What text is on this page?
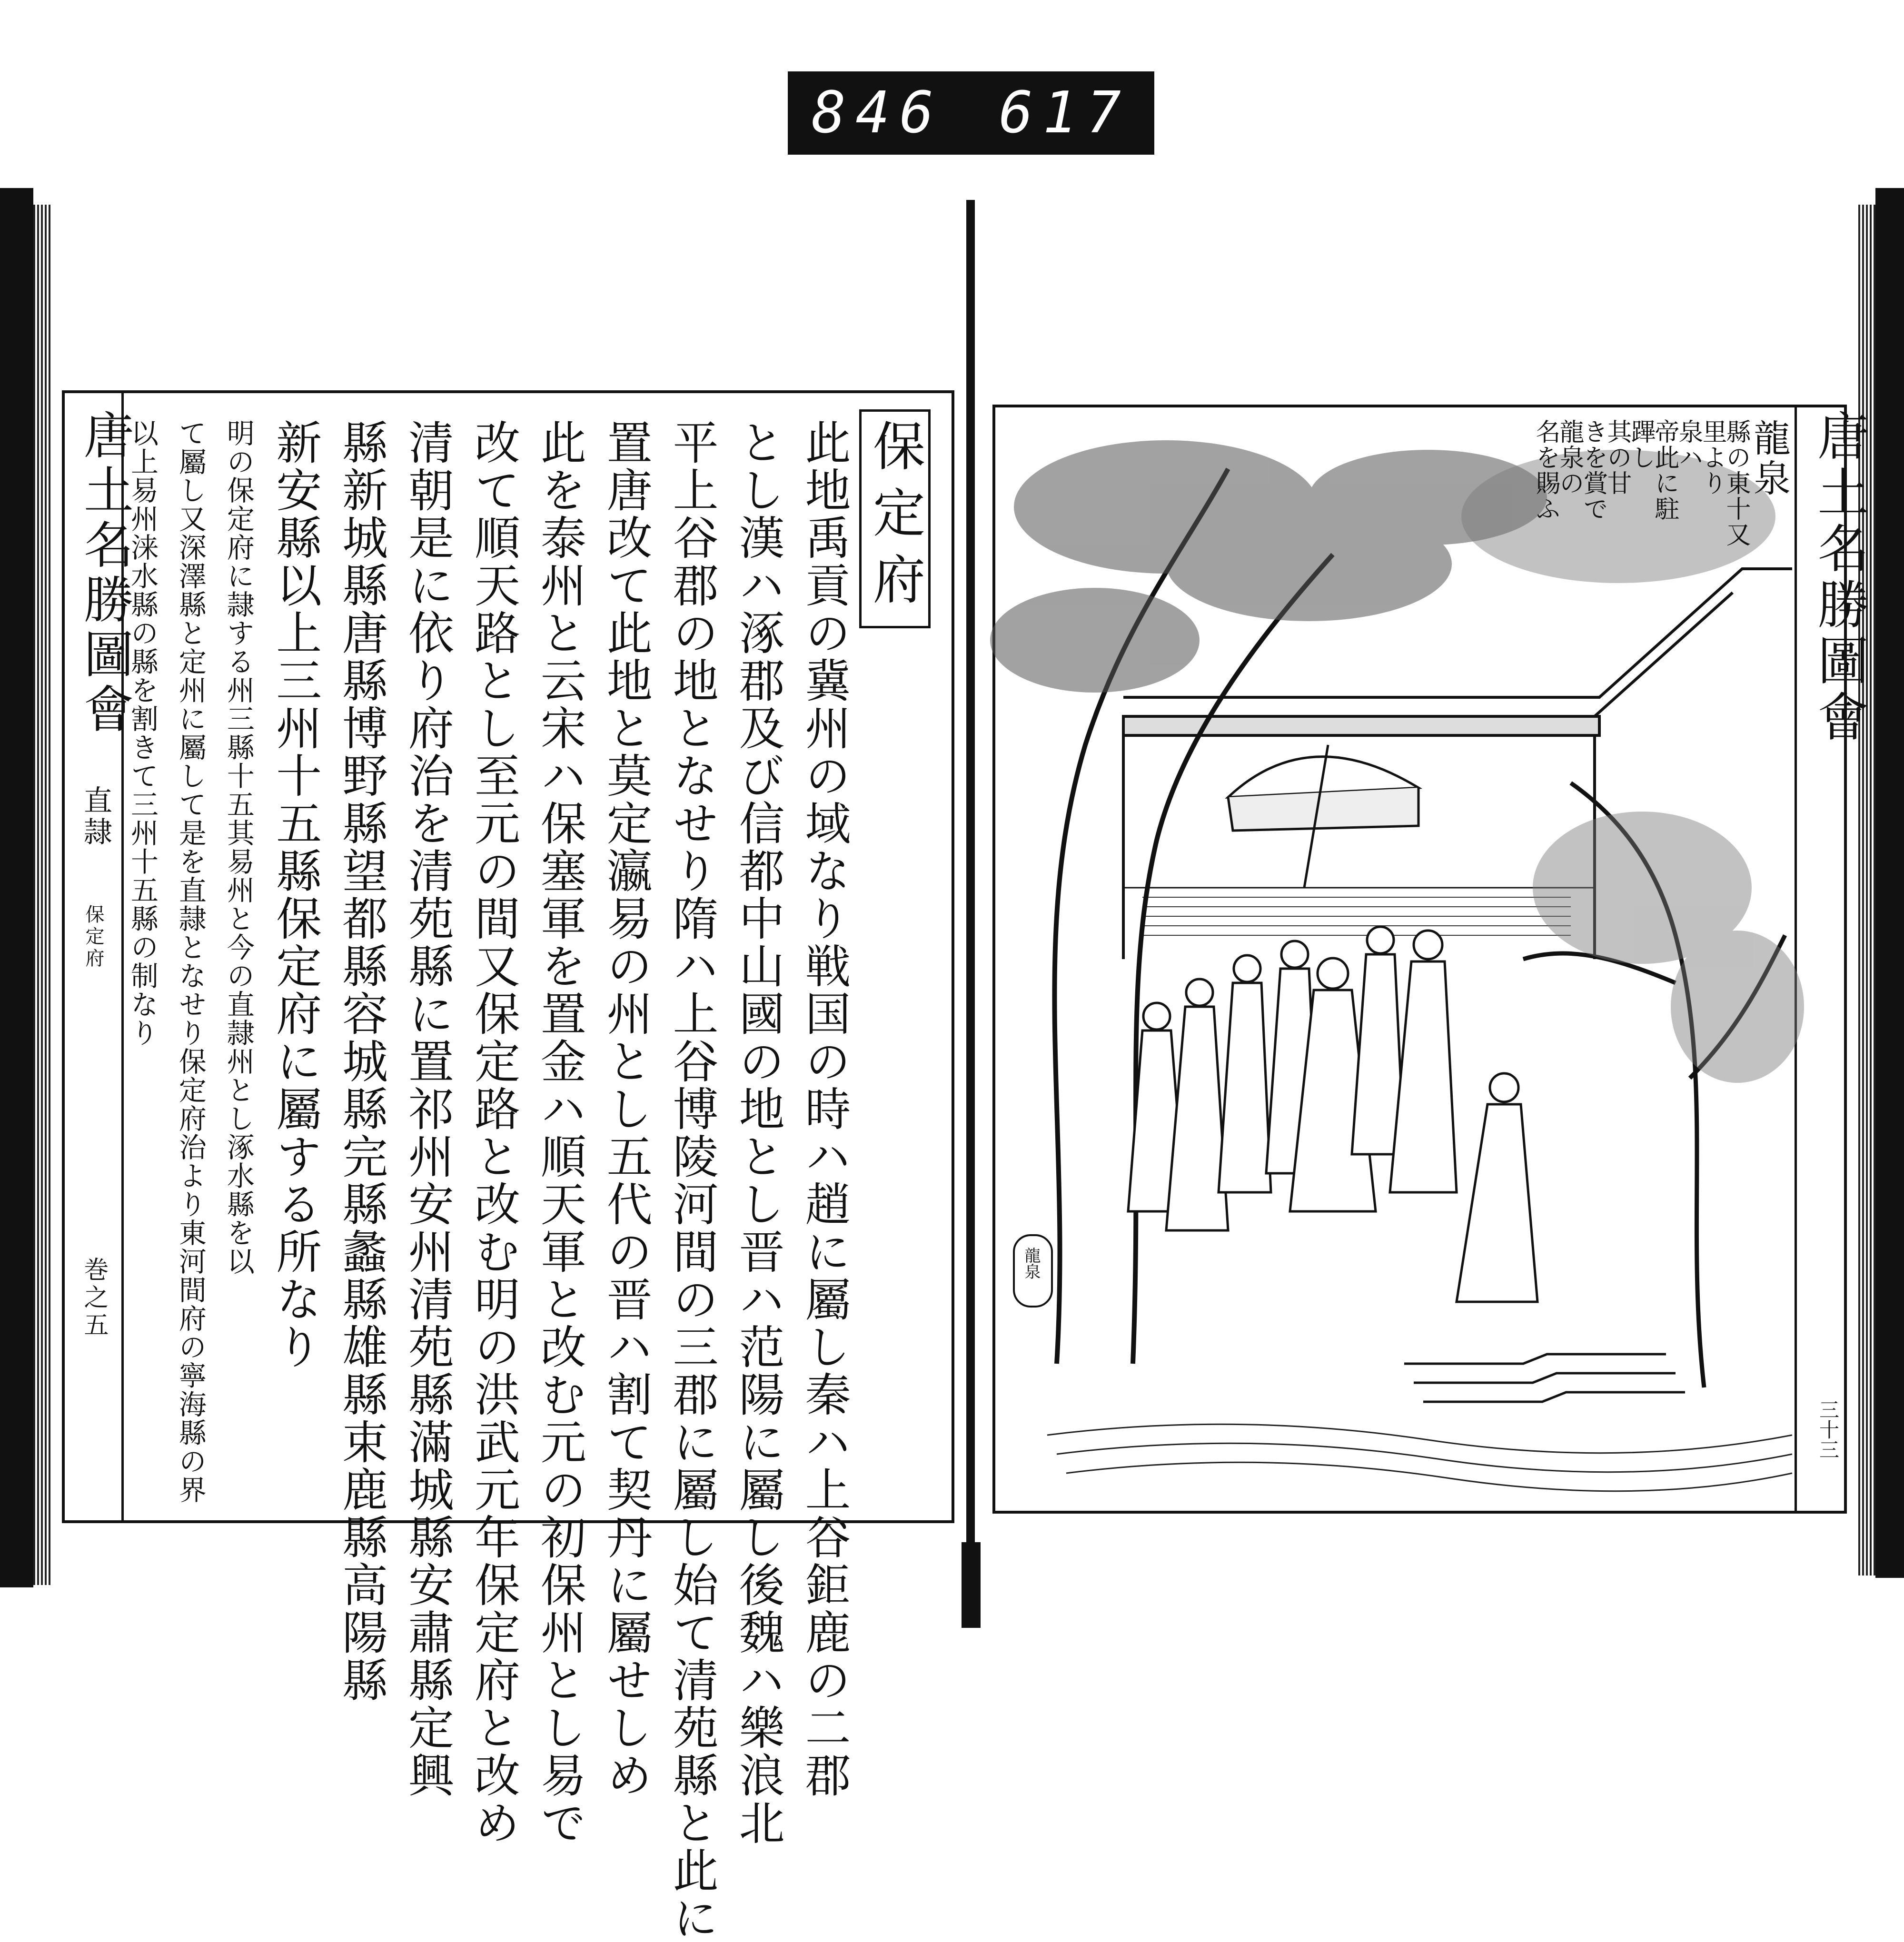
846 617
唐土名勝圖會
直隷
保定府
巻之五
保定府
此地禹貢の冀州の域なり戦国の時ハ趙に屬し秦ハ上谷鉅鹿の二郡
とし漢ハ涿郡及び信都中山國の地とし晋ハ范陽に屬し後魏ハ樂浪北
平上谷郡の地となせり隋ハ上谷博陵河間の三郡に屬し始て清苑縣と此に
置唐改て此地と莫定瀛易の州とし五代の晋ハ割て契丹に屬せしめ
此を泰州と云宋ハ保塞軍を置金ハ順天軍と改む元の初保州とし易で
改て順天路とし至元の間又保定路と改む明の洪武元年保定府と改め
清朝是に依り府治を清苑縣に置祁州安州清苑縣滿城縣安肅縣定興
縣新城縣唐縣博野縣望都縣容城縣完縣蠡縣雄縣束鹿縣高陽縣
新安縣以上三州十五縣保定府に屬する所なり
明の保定府に隷する州三縣十五其易州と今の直隷州とし涿水縣を以
て屬し又深澤縣と定州に屬して是を直隷となせり保定府治より東河間府の寧海縣の界
以上易州涞水縣の縣を割きて三州十五縣の制なり	唐土名勝圖會
三十三
龍泉
縣の東十又
里より
泉ハ
帝此に駐
蹕し
其の甘
きを賞で
龍泉の
名を賜ふ
龍泉
